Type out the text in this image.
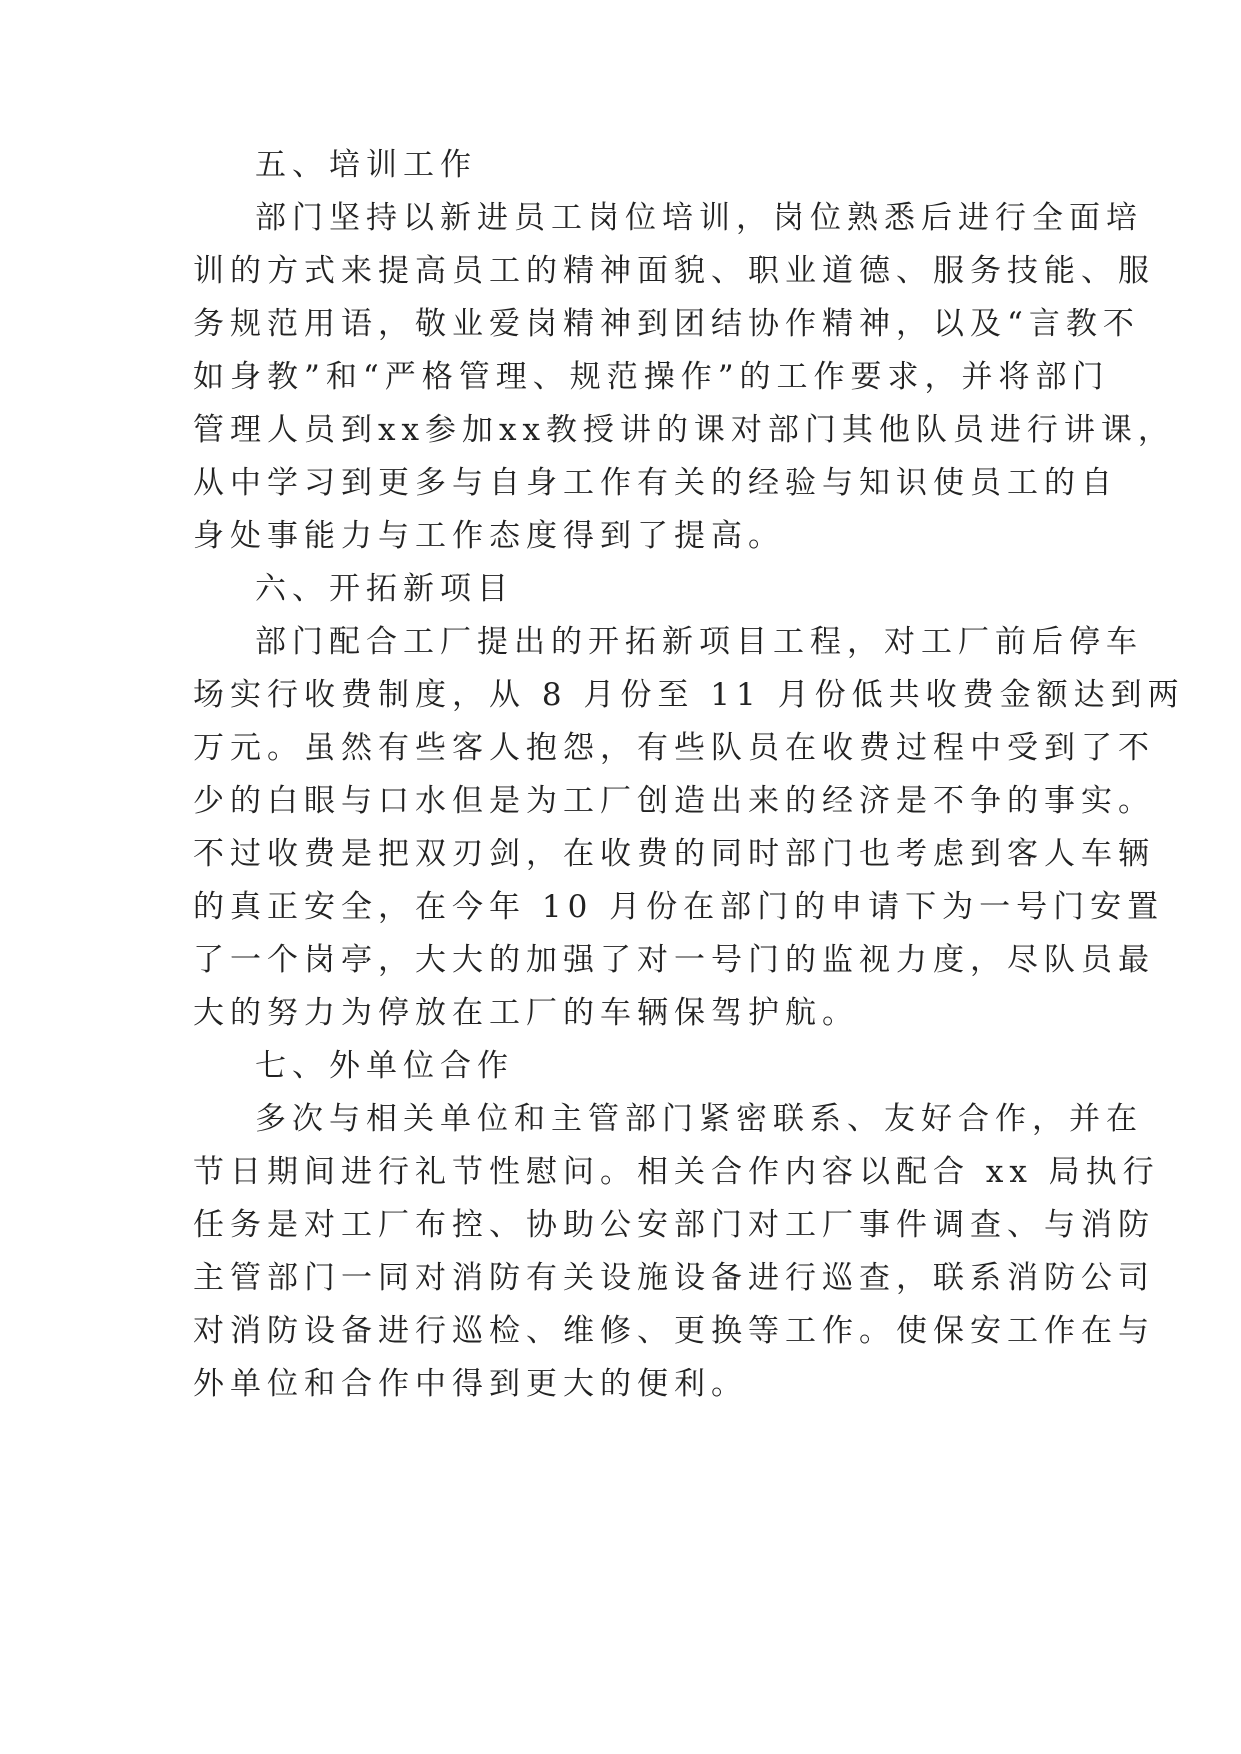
五、培训工作
部门坚持以新进员工岗位培训，岗位熟悉后进行全面培
训的方式来提高员工的精神面貌、职业道德、服务技能、服
务规范用语，敬业爱岗精神到团结协作精神，以及“言教不
如身教”和“严格管理、规范操作”的工作要求，并将部门
管理人员到xx参加xx教授讲的课对部门其他队员进行讲课，
从中学习到更多与自身工作有关的经验与知识使员工的自
身处事能力与工作态度得到了提高。
六、开拓新项目
部门配合工厂提出的开拓新项目工程，对工厂前后停车
场实行收费制度，从 8 月份至 11 月份低共收费金额达到两
万元。虽然有些客人抱怨，有些队员在收费过程中受到了不
少的白眼与口水但是为工厂创造出来的经济是不争的事实。
不过收费是把双刃剑，在收费的同时部门也考虑到客人车辆
的真正安全，在今年 10 月份在部门的申请下为一号门安置
了一个岗亭，大大的加强了对一号门的监视力度，尽队员最
大的努力为停放在工厂的车辆保驾护航。
七、外单位合作
多次与相关单位和主管部门紧密联系、友好合作，并在
节日期间进行礼节性慰问。相关合作内容以配合 xx 局执行
任务是对工厂布控、协助公安部门对工厂事件调查、与消防
主管部门一同对消防有关设施设备进行巡查，联系消防公司
对消防设备进行巡检、维修、更换等工作。使保安工作在与
外单位和合作中得到更大的便利。
